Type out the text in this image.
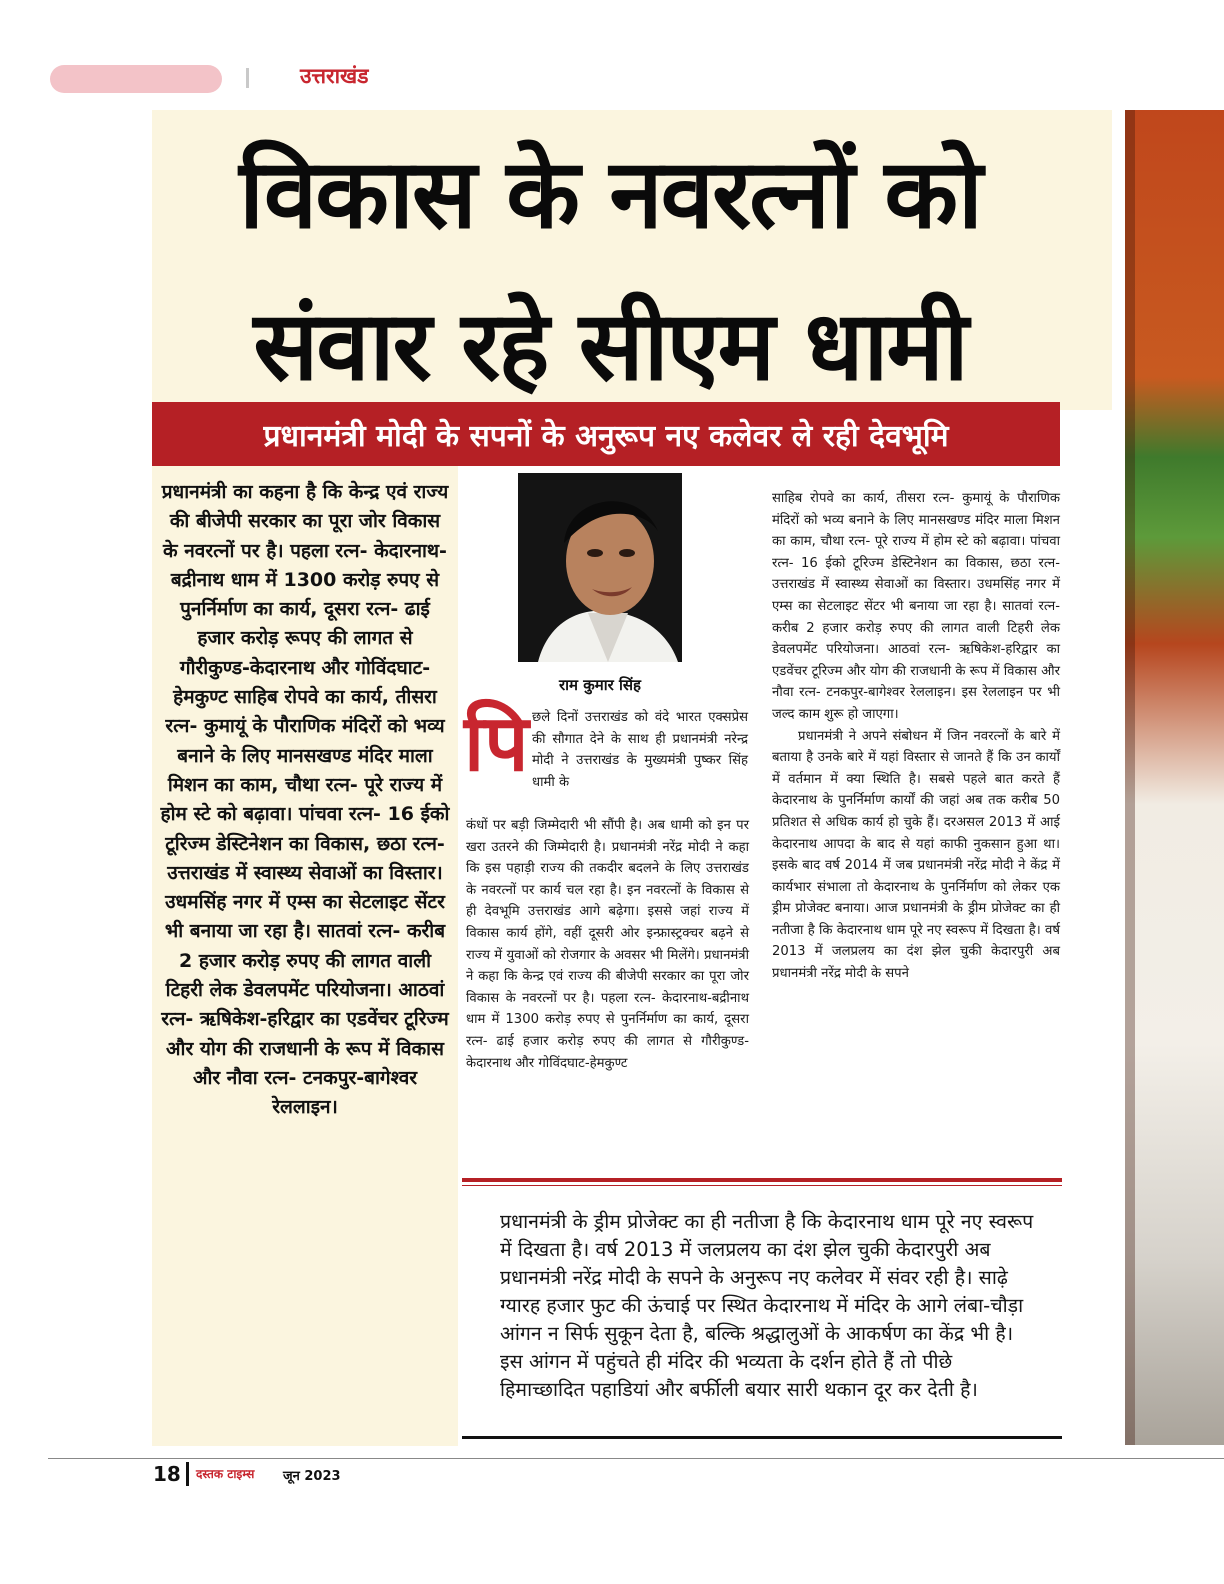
उत्तराखंड
विकास के नवरत्नों को
संवार रहे सीएम धामी
प्रधानमंत्री मोदी के सपनों के अनुरूप नए कलेवर ले रही देवभूमि
प्रधानमंत्री का कहना है कि केन्द्र एवं राज्य की बीजेपी सरकार का पूरा जोर विकास के नवरत्नों पर है। पहला रत्न- केदारनाथ-बद्रीनाथ धाम में 1300 करोड़ रुपए से पुनर्निर्माण का कार्य, दूसरा रत्न- ढाई हजार करोड़ रूपए की लागत से गौरीकुण्ड-केदारनाथ और गोविंदघाट-हेमकुण्ट साहिब रोपवे का कार्य, तीसरा रत्न- कुमायूं के पौराणिक मंदिरों को भव्य बनाने के लिए मानसखण्ड मंदिर माला मिशन का काम, चौथा रत्न- पूरे राज्य में होम स्टे को बढ़ावा। पांचवा रत्न- 16 ईको टूरिज्म डेस्टिनेशन का विकास, छठा रत्न- उत्तराखंड में स्वास्थ्य सेवाओं का विस्तार। उधमसिंह नगर में एम्स का सेटलाइट सेंटर भी बनाया जा रहा है। सातवां रत्न- करीब 2 हजार करोड़ रुपए की लागत वाली टिहरी लेक डेवलपमेंट परियोजना। आठवां रत्न- ऋषिकेश-हरिद्वार का एडवेंचर टूरिज्म और योग की राजधानी के रूप में विकास और नौवा रत्न- टनकपुर-बागेश्वर रेललाइन।
राम कुमार सिंह
पि छले दिनों उत्तराखंड को वंदे भारत एक्सप्रेस की सौगात देने के साथ ही प्रधानमंत्री नरेन्द्र मोदी ने उत्तराखंड के मुख्यमंत्री पुष्कर सिंह धामी के
कंधों पर बड़ी जिम्मेदारी भी सौंपी है। अब धामी को इन पर खरा उतरने की जिम्मेदारी है। प्रधानमंत्री नरेंद्र मोदी ने कहा कि इस पहाड़ी राज्य की तकदीर बदलने के लिए उत्तराखंड के नवरत्नों पर कार्य चल रहा है। इन नवरत्नों के विकास से ही देवभूमि उत्तराखंड आगे बढ़ेगा। इससे जहां राज्य में विकास कार्य होंगे, वहीं दूसरी ओर इन्फ्रास्ट्रक्चर बढ़ने से राज्य में युवाओं को रोजगार के अवसर भी मिलेंगे। प्रधानमंत्री ने कहा कि केन्द्र एवं राज्य की बीजेपी सरकार का पूरा जोर विकास के नवरत्नों पर है। पहला रत्न- केदारनाथ-बद्रीनाथ धाम में 1300 करोड़ रुपए से पुनर्निर्माण का कार्य, दूसरा रत्न- ढाई हजार करोड़ रुपए की लागत से गौरीकुण्ड-केदारनाथ और गोविंदघाट-हेमकुण्ट
साहिब रोपवे का कार्य, तीसरा रत्न- कुमायूं के पौराणिक मंदिरों को भव्य बनाने के लिए मानसखण्ड मंदिर माला मिशन का काम, चौथा रत्न- पूरे राज्य में होम स्टे को बढ़ावा। पांचवा रत्न- 16 ईको टूरिज्म डेस्टिनेशन का विकास, छठा रत्न- उत्तराखंड में स्वास्थ्य सेवाओं का विस्तार। उधमसिंह नगर में एम्स का सेटलाइट सेंटर भी बनाया जा रहा है। सातवां रत्न- करीब 2 हजार करोड़ रुपए की लागत वाली टिहरी लेक डेवलपमेंट परियोजना। आठवां रत्न- ऋषिकेश-हरिद्वार का एडवेंचर टूरिज्म और योग की राजधानी के रूप में विकास और नौवा रत्न- टनकपुर-बागेश्वर रेललाइन। इस रेललाइन पर भी जल्द काम शुरू हो जाएगा।
प्रधानमंत्री ने अपने संबोधन में जिन नवरत्नों के बारे में बताया है उनके बारे में यहां विस्तार से जानते हैं कि उन कार्यों में वर्तमान में क्या स्थिति है। सबसे पहले बात करते हैं केदारनाथ के पुनर्निर्माण कार्यों की जहां अब तक करीब 50 प्रतिशत से अधिक कार्य हो चुके हैं। दरअसल 2013 में आई केदारनाथ आपदा के बाद से यहां काफी नुकसान हुआ था। इसके बाद वर्ष 2014 में जब प्रधानमंत्री नरेंद्र मोदी ने केंद्र में कार्यभार संभाला तो केदारनाथ के पुनर्निर्माण को लेकर एक ड्रीम प्रोजेक्ट बनाया। आज प्रधानमंत्री के ड्रीम प्रोजेक्ट का ही नतीजा है कि केदारनाथ धाम पूरे नए स्वरूप में दिखता है। वर्ष 2013 में जलप्रलय का दंश झेल चुकी केदारपुरी अब प्रधानमंत्री नरेंद्र मोदी के सपने
प्रधानमंत्री के ड्रीम प्रोजेक्ट का ही नतीजा है कि केदारनाथ धाम पूरे नए स्वरूप में दिखता है। वर्ष 2013 में जलप्रलय का दंश झेल चुकी केदारपुरी अब प्रधानमंत्री नरेंद्र मोदी के सपने के अनुरूप नए कलेवर में संवर रही है। साढ़े ग्यारह हजार फुट की ऊंचाई पर स्थित केदारनाथ में मंदिर के आगे लंबा-चौड़ा आंगन न सिर्फ सुकून देता है, बल्कि श्रद्धालुओं के आकर्षण का केंद्र भी है। इस आंगन में पहुंचते ही मंदिर की भव्यता के दर्शन होते हैं तो पीछे हिमाच्छादित पहाडियां और बर्फीली बयार सारी थकान दूर कर देती है।
18 दस्तक टाइम्स जून 2023
